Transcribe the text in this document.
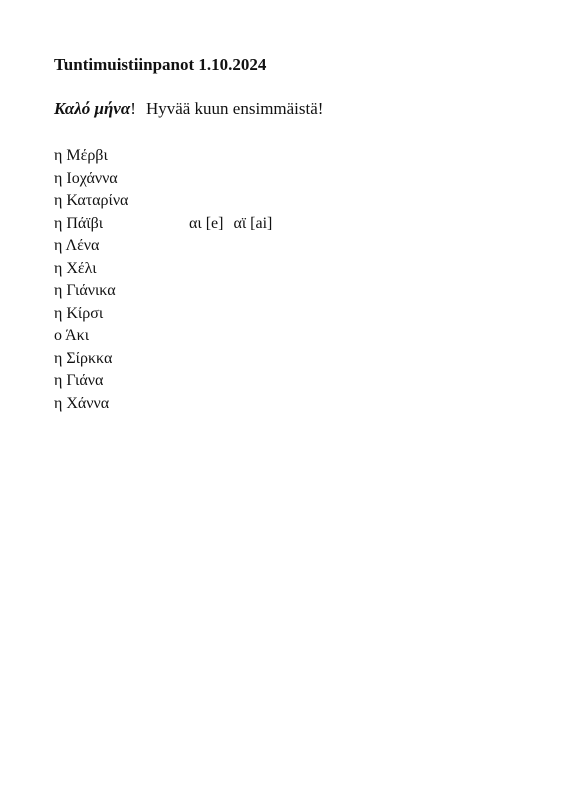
Tuntimuistiinpanot 1.10.2024
Καλό μήνα! Hyvää kuun ensimmäistä!
η Μέρβι
η Ιοχάννα
η Καταρίνα
η Πάϊβι	αι [e] αϊ [ai]
η Λένα
η Χέλι
η Γιάνικα
η Κίρσι
ο Άκι
η Σίρκκα
η Γιάνα
η Χάννα
